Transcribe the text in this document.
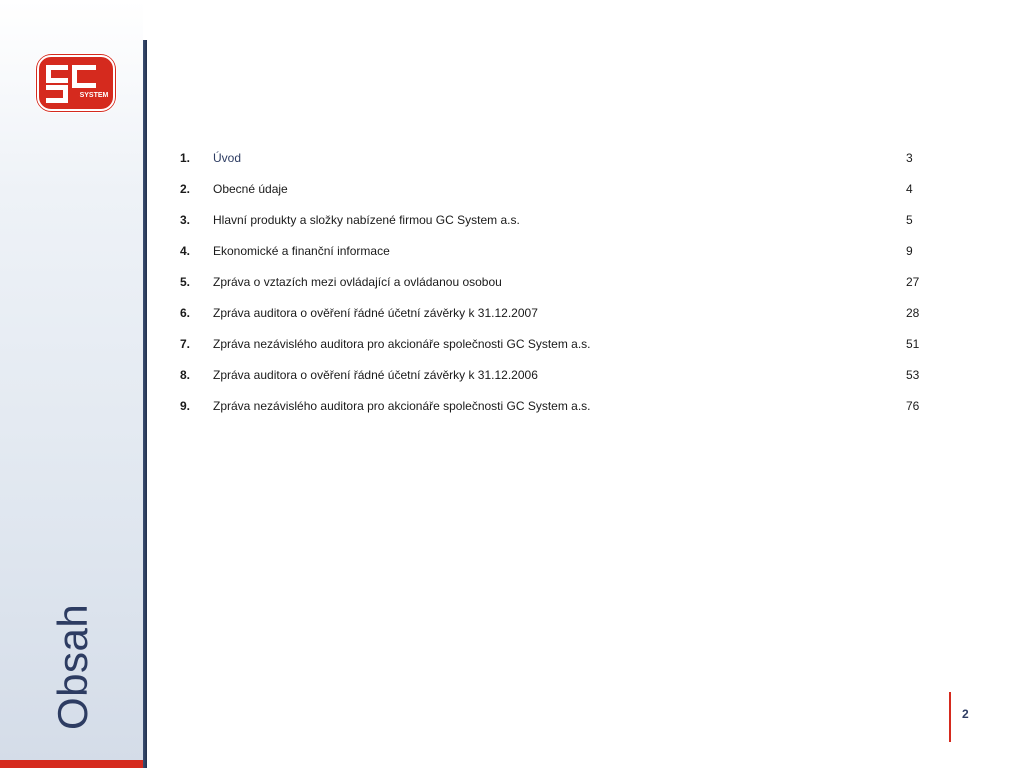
SYSTEM
Obsah
1. Úvod	3
2. Obecné údaje	4
3. Hlavní produkty a složky nabízené firmou GC System a.s.	5
4. Ekonomické a finanční informace	9
5. Zpráva o vztazích mezi ovládající a ovládanou osobou	27
6. Zpráva auditora o ověření řádné účetní závěrky k 31.12.2007	28
7. Zpráva nezávislého auditora pro akcionáře společnosti GC System a.s.	51
8. Zpráva auditora o ověření řádné účetní závěrky k 31.12.2006	53
9. Zpráva nezávislého auditora pro akcionáře společnosti GC System a.s.	76
2
